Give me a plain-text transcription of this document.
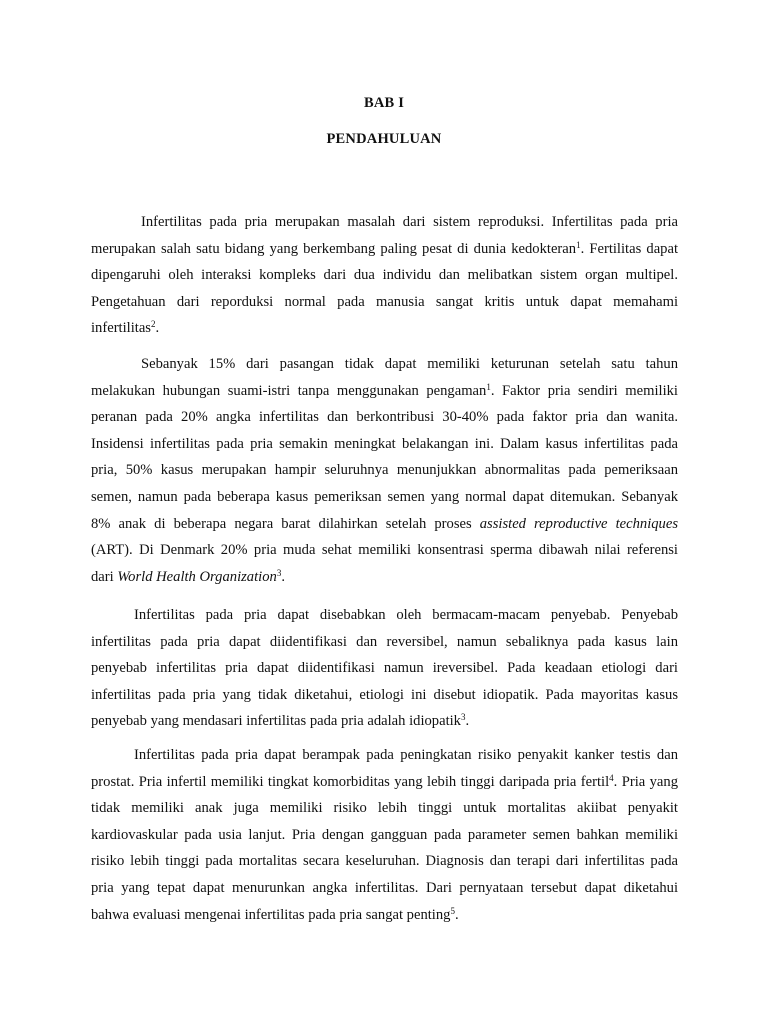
BAB I
PENDAHULUAN
Infertilitas pada pria merupakan masalah dari sistem reproduksi. Infertilitas pada pria
merupakan salah satu bidang yang berkembang paling pesat di dunia kedokteran$^1$. Fertilitas dapat
dipengaruhi oleh interaksi kompleks dari dua individu dan melibatkan sistem organ multipel.
Pengetahuan dari reporduksi normal pada manusia sangat kritis untuk dapat memahami
infertilitas$^2$.
Sebanyak 15% dari pasangan tidak dapat memiliki keturunan setelah satu tahun
melakukan hubungan suami-istri tanpa menggunakan pengaman$^1$. Faktor pria sendiri memiliki
peranan pada 20% angka infertilitas dan berkontribusi 30-40% pada faktor pria dan wanita.
Insidensi infertilitas pada pria semakin meningkat belakangan ini. Dalam kasus infertilitas pada
pria, 50% kasus merupakan hampir seluruhnya menunjukkan abnormalitas pada pemeriksaan
semen, namun pada beberapa kasus pemeriksan semen yang normal dapat ditemukan. Sebanyak
8% anak di beberapa negara barat dilahirkan setelah proses assisted reproductive techniques
(ART). Di Denmark 20% pria muda sehat memiliki konsentrasi sperma dibawah nilai referensi
dari World Health Organization$^3$.
Infertilitas pada pria dapat disebabkan oleh bermacam-macam penyebab. Penyebab
infertilitas pada pria dapat diidentifikasi dan reversibel, namun sebaliknya pada kasus lain
penyebab infertilitas pria dapat diidentifikasi namun ireversibel. Pada keadaan etiologi dari
infertilitas pada pria yang tidak diketahui, etiologi ini disebut idiopatik. Pada mayoritas kasus
penyebab yang mendasari infertilitas pada pria adalah idiopatik$^3$.
Infertilitas pada pria dapat berampak pada peningkatan risiko penyakit kanker testis dan
prostat. Pria infertil memiliki tingkat komorbiditas yang lebih tinggi daripada pria fertil$^4$. Pria yang
tidak memiliki anak juga memiliki risiko lebih tinggi untuk mortalitas akiibat penyakit
kardiovaskular pada usia lanjut. Pria dengan gangguan pada parameter semen bahkan memiliki
risiko lebih tinggi pada mortalitas secara keseluruhan. Diagnosis dan terapi dari infertilitas pada
pria yang tepat dapat menurunkan angka infertilitas. Dari pernyataan tersebut dapat diketahui
bahwa evaluasi mengenai infertilitas pada pria sangat penting$^5$.
